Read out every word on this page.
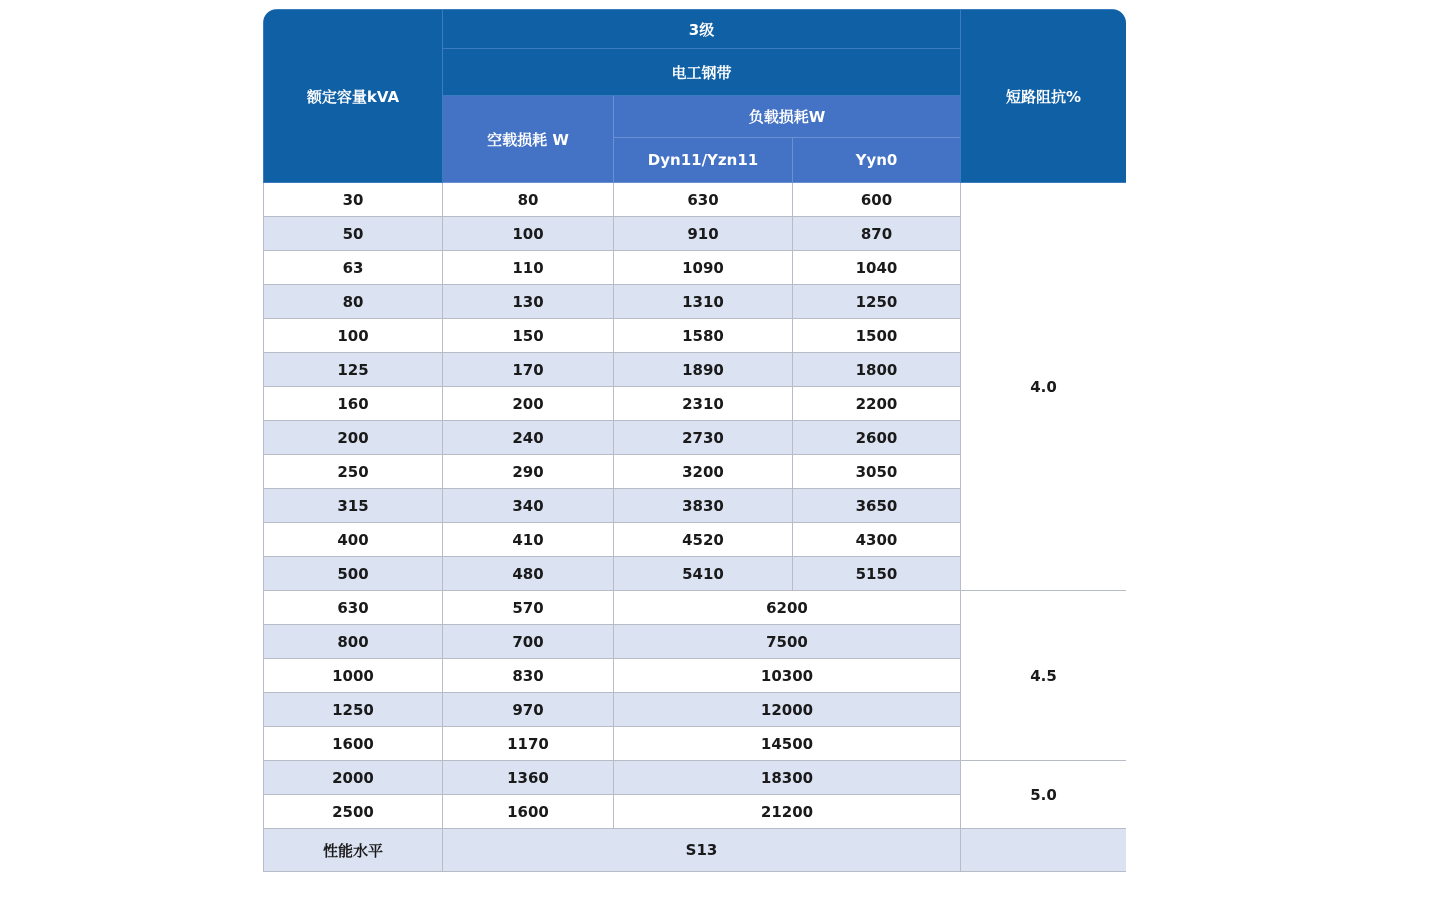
额定容量kVA	3级			短路阻抗%
	电工钢带			
	空载损耗 W	负载损耗W		
		Dyn11/Yzn11	Yyn0	
30	80	630	600	4.0
50	100	910	870	
63	110	1090	1040	
80	130	1310	1250	
100	150	1580	1500	
125	170	1890	1800	
160	200	2310	2200	
200	240	2730	2600	
250	290	3200	3050	
315	340	3830	3650	
400	410	4520	4300	
500	480	5410	5150	
630	570	6200		4.5
800	700	7500		
1000	830	10300		
1250	970	12000		
1600	1170	14500		
2000	1360	18300		5.0
2500	1600	21200		
性能水平	S13			
